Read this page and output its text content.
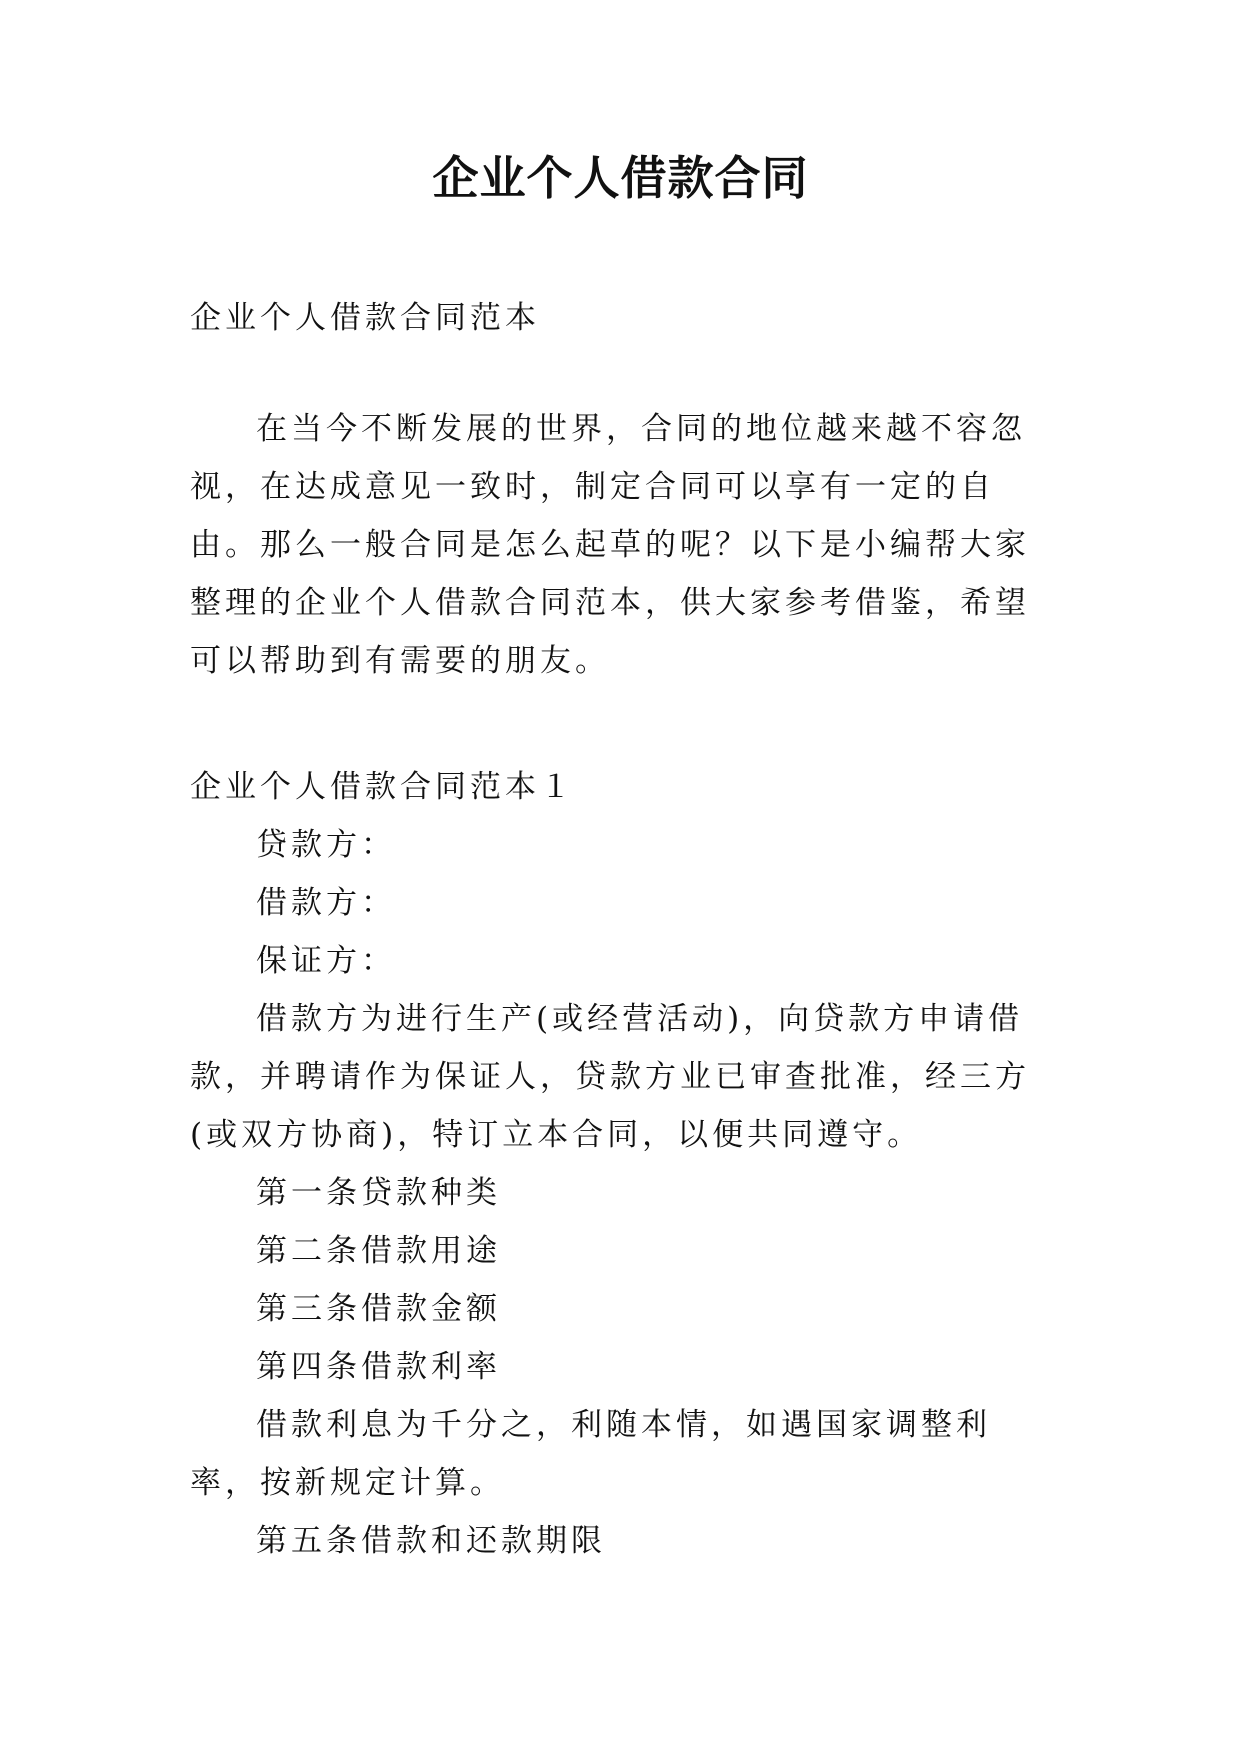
企业个人借款合同

企业个人借款合同范本

在当今不断发展的世界，合同的地位越来越不容忽视，在达成意见一致时，制定合同可以享有一定的自由。那么一般合同是怎么起草的呢？以下是小编帮大家整理的企业个人借款合同范本，供大家参考借鉴，希望可以帮助到有需要的朋友。

企业个人借款合同范本１

贷款方：

借款方：

保证方：

借款方为进行生产(或经营活动)，向贷款方申请借款，并聘请作为保证人，贷款方业已审查批准，经三方(或双方协商)，特订立本合同，以便共同遵守。

第一条贷款种类

第二条借款用途

第三条借款金额

第四条借款利率

借款利息为千分之，利随本情，如遇国家调整利率，按新规定计算。

第五条借款和还款期限
